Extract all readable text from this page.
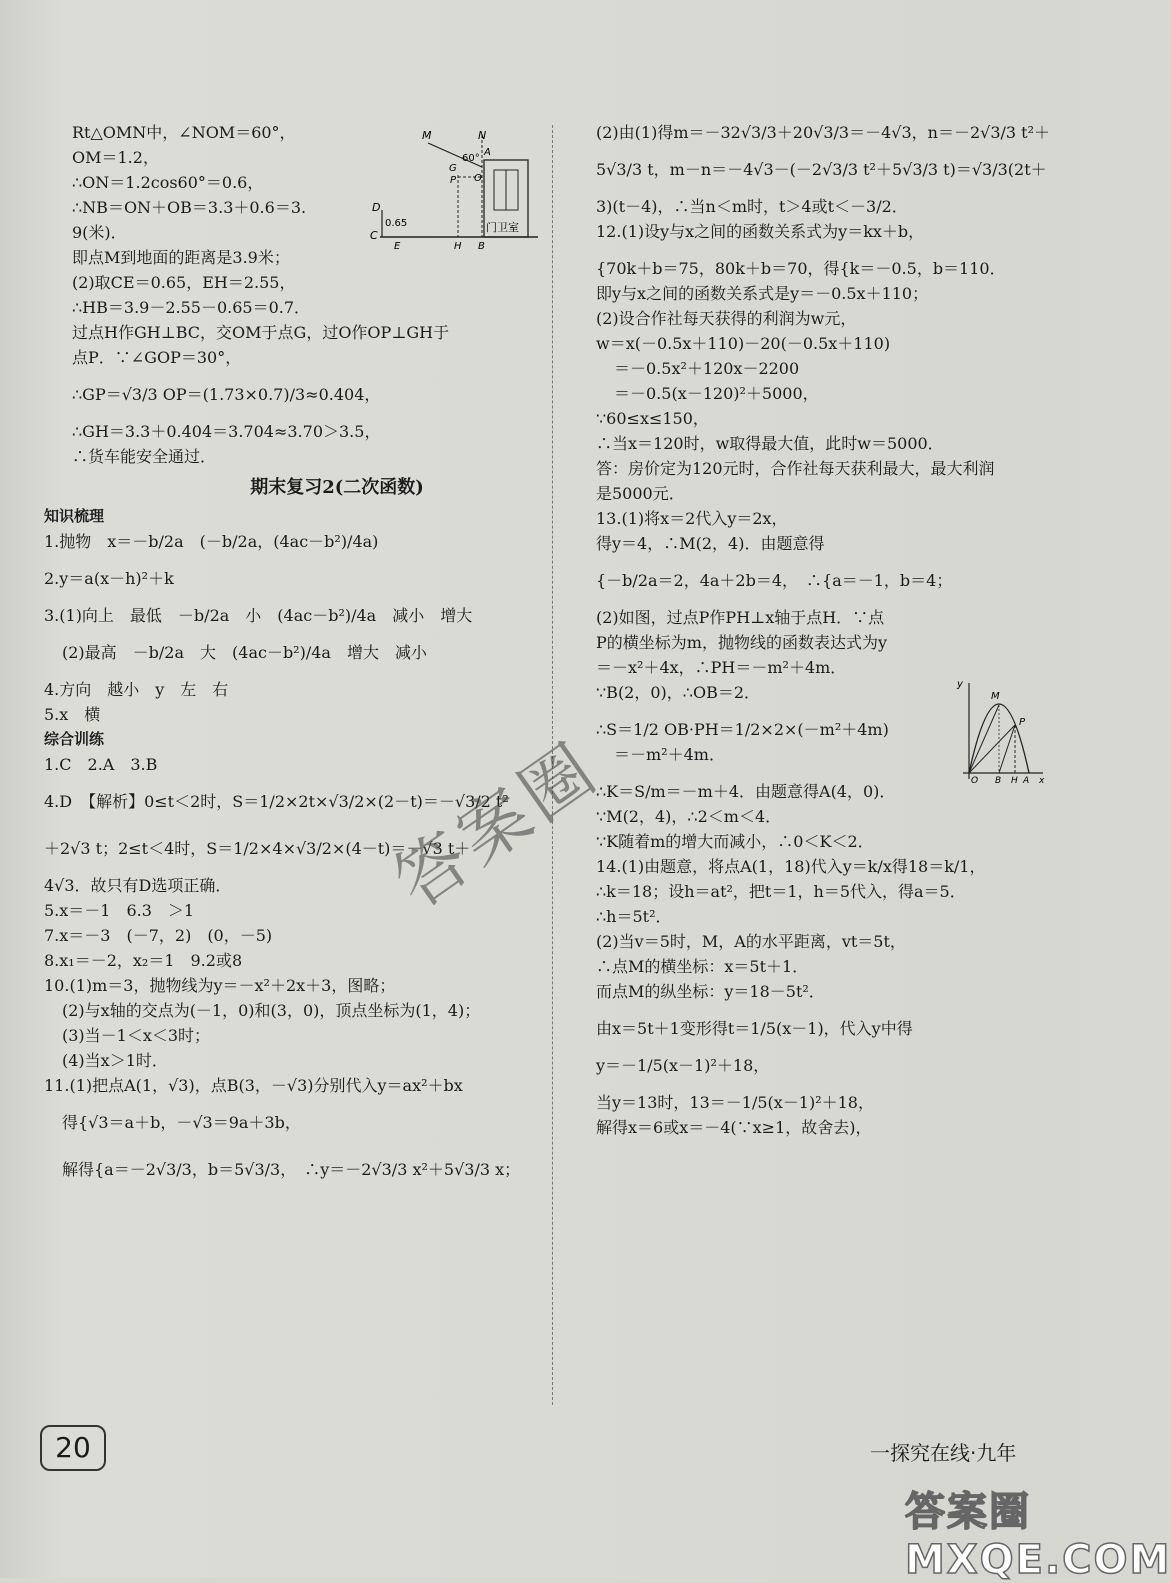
Rt△OMN中，∠NOM＝60°，
OM＝1.2，
∴ON＝1.2cos60°＝0.6，
∴NB＝ON＋OB＝3.3＋0.6＝3.
9(米)．
即点M到地面的距离是3.9米；
(2)取CE＝0.65，EH＝2.55，
∴HB＝3.9－2.55－0.65＝0.7．
过点H作GH⊥BC，交OM于点G，过O作OP⊥GH于
点P．∵∠GOP＝30°，
∴GP＝√3/3 OP＝(1.73×0.7)/3≈0.404，
∴GH＝3.3＋0.404＝3.704≈3.70＞3.5，
∴货车能安全通过．
期末复习2(二次函数)
知识梳理
1.抛物　x＝－b/2a　(－b/2a，(4ac－b²)/4a)
2.y＝a(x－h)²＋k
3.(1)向上　最低　－b/2a　小　(4ac－b²)/4a　减小　增大
(2)最高　－b/2a　大　(4ac－b²)/4a　增大　减小
4.方向　越小　y　左　右
5.x　横
综合训练
1.C　2.A　3.B
4.D　【解析】0≤t＜2时，S＝1/2×2t×√3/2×(2－t)＝－√3/2 t²
＋2√3 t；2≤t＜4时，S＝1/2×4×√3/2×(4－t)＝－√3 t＋
4√3．故只有D选项正确．
5.x＝－1　6.3　＞1
7.x＝－3　(－7，2)　(0，－5)
8.x₁＝－2，x₂＝1　9.2或8
10.(1)m＝3，抛物线为y＝－x²＋2x＋3，图略；
(2)与x轴的交点为(－1，0)和(3，0)，顶点坐标为(1，4)；
(3)当－1＜x＜3时；
(4)当x＞1时．
11.(1)把点A(1，√3)，点B(3，－√3)分别代入y＝ax²＋bx
得{√3＝a＋b，－√3＝9a＋3b，
解得{a＝－2√3/3，b＝5√3/3，　∴y＝－2√3/3 x²＋5√3/3 x；
(2)由(1)得m＝－32√3/3＋20√3/3＝－4√3，n＝－2√3/3 t²＋
5√3/3 t，m－n＝－4√3－(－2√3/3 t²＋5√3/3 t)＝√3/3(2t＋
3)(t－4)，∴当n＜m时，t＞4或t＜－3/2．
12.(1)设y与x之间的函数关系式为y＝kx＋b，
{70k＋b＝75，80k＋b＝70，得{k＝－0.5，b＝110．
即y与x之间的函数关系式是y＝－0.5x＋110；
(2)设合作社每天获得的利润为w元，
w＝x(－0.5x＋110)－20(－0.5x＋110)
＝－0.5x²＋120x－2200
＝－0.5(x－120)²＋5000，
∵60≤x≤150，
∴当x＝120时，w取得最大值，此时w＝5000．
答：房价定为120元时，合作社每天获利最大，最大利润
是5000元．
13.(1)将x＝2代入y＝2x，
得y＝4，∴M(2，4)．由题意得
{－b/2a＝2，4a＋2b＝4，　∴{a＝－1，b＝4；
(2)如图，过点P作PH⊥x轴于点H．∵点
P的横坐标为m，抛物线的函数表达式为y
＝－x²＋4x，∴PH＝－m²＋4m．
∵B(2，0)，∴OB＝2．
∴S＝1/2 OB·PH＝1/2×2×(－m²＋4m)
＝－m²＋4m．
∴K＝S/m＝－m＋4．由题意得A(4，0)．
∵M(2，4)，∴2＜m＜4．
∵K随着m的增大而减小，∴0＜K＜2．
14.(1)由题意，将点A(1，18)代入y＝k/x得18＝k/1，
∴k＝18；设h＝at²，把t＝1，h＝5代入，得a＝5．
∴h＝5t²．
(2)当v＝5时，M，A的水平距离，vt＝5t，
∴点M的横坐标：x＝5t＋1．
而点M的纵坐标：y＝18－5t²．
由x＝5t＋1变形得t＝1/5(x－1)，代入y中得
y＝－1/5(x－1)²＋18，
当y＝13时，13＝－1/5(x－1)²＋18，
解得x＝6或x＝－4(∵x≥1，故舍去)，
M	N
A
60°
G
O
P
门卫室
D
0.65
C
E	H B
y
M
P
O B H A x
答案圈
20	一探究在线·九年
答案圈 MXQE.COM
